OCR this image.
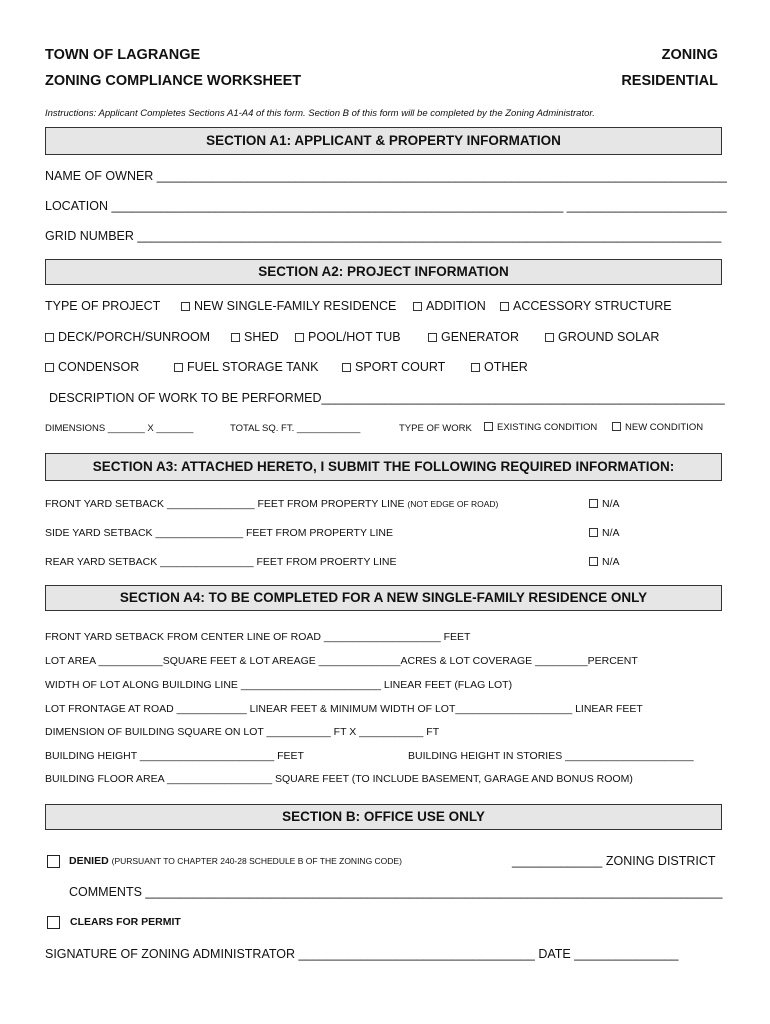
TOWN OF LAGRANGE
ZONING COMPLIANCE WORKSHEET
ZONING
RESIDENTIAL
Instructions: Applicant Completes Sections A1-A4 of this form. Section B of this form will be completed by the Zoning Administrator.
SECTION A1: APPLICANT & PROPERTY INFORMATION
NAME OF OWNER __________________________________________________________________________________
LOCATION _________________________________________________________________ _______________________
GRID NUMBER ____________________________________________________________________________________
SECTION A2: PROJECT INFORMATION
TYPE OF PROJECT	NEW SINGLE-FAMILY RESIDENCE	ADDITION	ACCESSORY STRUCTURE
DECK/PORCH/SUNROOM	SHED	POOL/HOT TUB	GENERATOR	GROUND SOLAR
CONDENSOR	FUEL STORAGE TANK	SPORT COURT	OTHER
DESCRIPTION OF WORK TO BE PERFORMED__________________________________________________________
DIMENSIONS _______ X _______	TOTAL SQ. FT. ____________	TYPE OF WORK	EXISTING CONDITION	NEW CONDITION
SECTION A3: ATTACHED HERETO, I SUBMIT THE FOLLOWING REQUIRED INFORMATION:
FRONT YARD SETBACK _______________ FEET FROM PROPERTY LINE (NOT EDGE OF ROAD)	N/A
SIDE YARD SETBACK _______________ FEET FROM PROPERTY LINE	N/A
REAR YARD SETBACK ________________ FEET FROM PROERTY LINE	N/A
SECTION A4: TO BE COMPLETED FOR A NEW SINGLE-FAMILY RESIDENCE ONLY
FRONT YARD SETBACK FROM CENTER LINE OF ROAD ____________________ FEET
LOT AREA ___________SQUARE FEET & LOT AREAGE ______________ACRES & LOT COVERAGE _________PERCENT
WIDTH OF LOT ALONG BUILDING LINE ________________________ LINEAR FEET (FLAG LOT)
LOT FRONTAGE AT ROAD ____________ LINEAR FEET & MINIMUM WIDTH OF LOT____________________ LINEAR FEET
DIMENSION OF BUILDING SQUARE ON LOT ___________ FT X ___________ FT
BUILDING HEIGHT _______________________ FEET	BUILDING HEIGHT IN STORIES ______________________
BUILDING FLOOR AREA __________________ SQUARE FEET (TO INCLUDE BASEMENT, GARAGE AND BONUS ROOM)
SECTION B: OFFICE USE ONLY
DENIED (PURSUANT TO CHAPTER 240-28 SCHEDULE B OF THE ZONING CODE)	_____________ ZONING DISTRICT
COMMENTS ___________________________________________________________________________________
CLEARS FOR PERMIT
SIGNATURE OF ZONING ADMINISTRATOR __________________________________ DATE _______________
